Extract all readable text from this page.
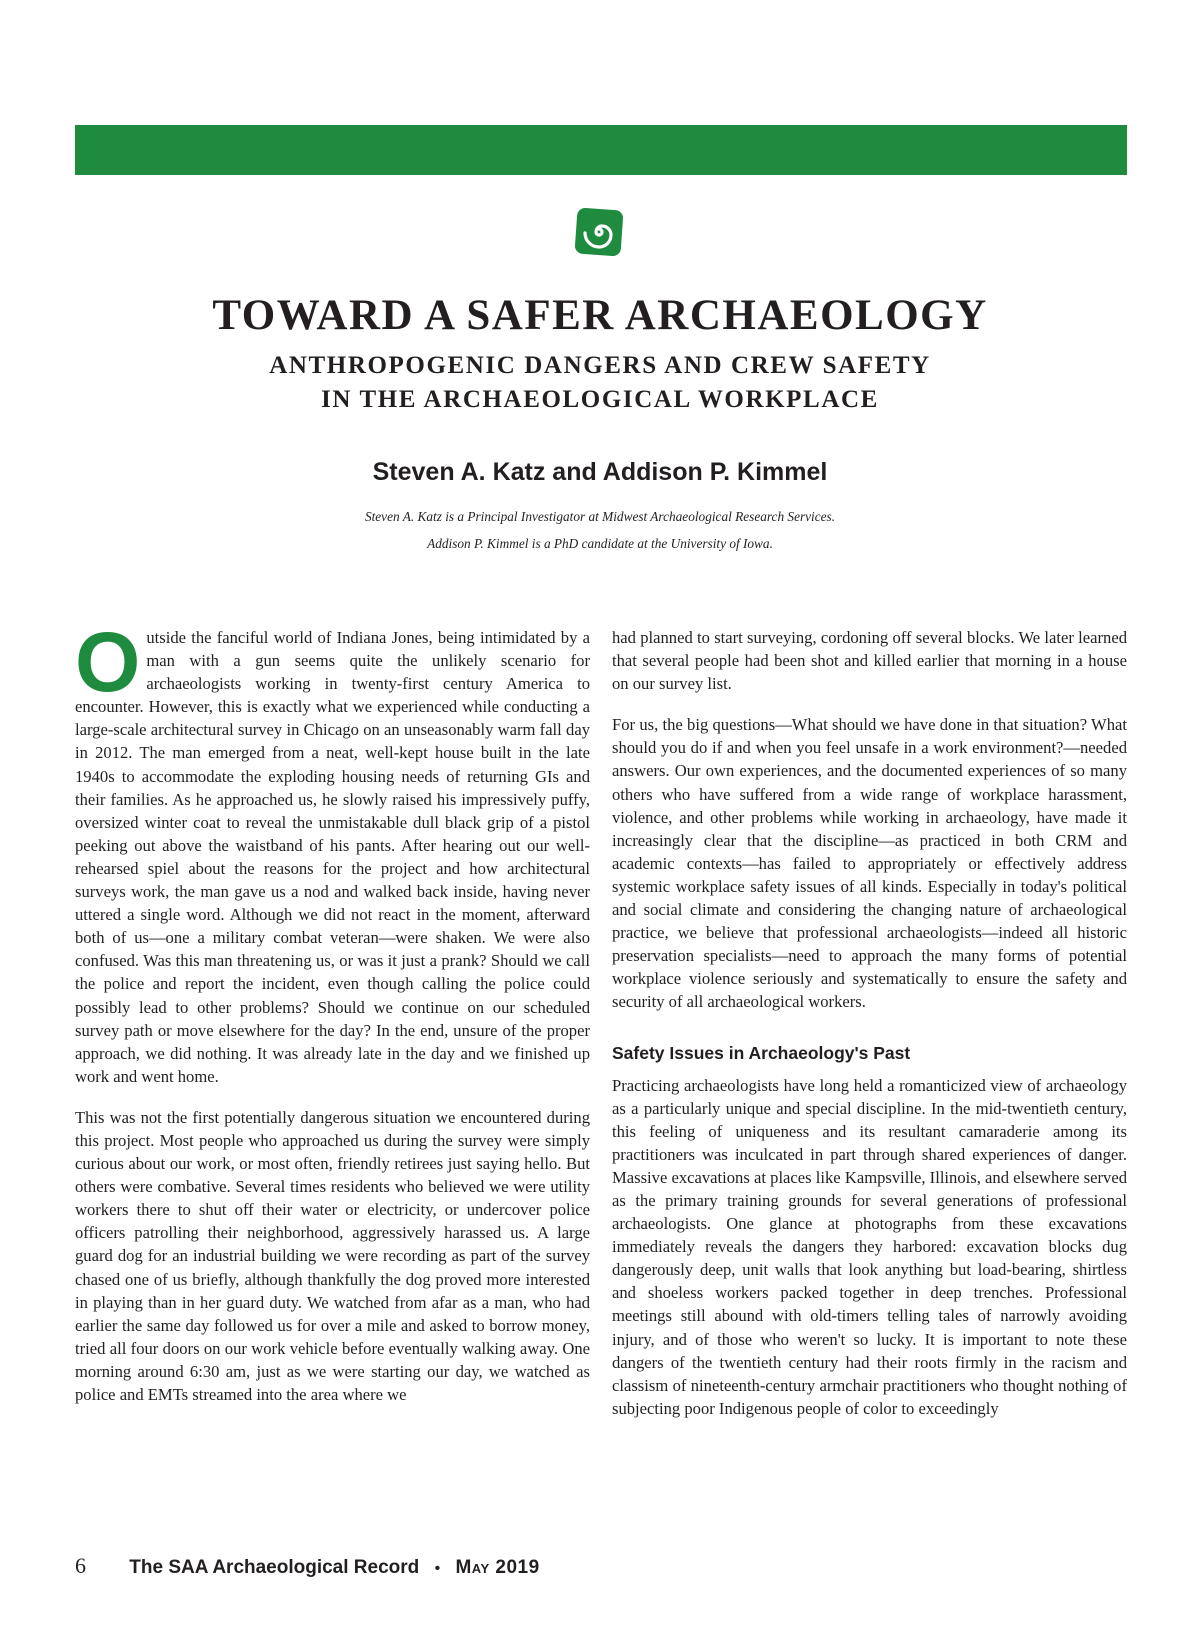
TOWARD A SAFER ARCHAEOLOGY
ANTHROPOGENIC DANGERS AND CREW SAFETY
IN THE ARCHAEOLOGICAL WORKPLACE
Steven A. Katz and Addison P. Kimmel
Steven A. Katz is a Principal Investigator at Midwest Archaeological Research Services.
Addison P. Kimmel is a PhD candidate at the University of Iowa.

Outside the fanciful world of Indiana Jones, being intimidated by a man with a gun seems quite the unlikely scenario for archaeologists working in twenty-first century America to encounter. However, this is exactly what we experienced while conducting a large-scale architectural survey in Chicago on an unseasonably warm fall day in 2012. The man emerged from a neat, well-kept house built in the late 1940s to accommodate the exploding housing needs of returning GIs and their families. As he approached us, he slowly raised his impressively puffy, oversized winter coat to reveal the unmistakable dull black grip of a pistol peeking out above the waistband of his pants. After hearing out our well-rehearsed spiel about the reasons for the project and how architectural surveys work, the man gave us a nod and walked back inside, having never uttered a single word. Although we did not react in the moment, afterward both of us—one a military combat veteran—were shaken. We were also confused. Was this man threatening us, or was it just a prank? Should we call the police and report the incident, even though calling the police could possibly lead to other problems? Should we continue on our scheduled survey path or move elsewhere for the day? In the end, unsure of the proper approach, we did nothing. It was already late in the day and we finished up work and went home.

This was not the first potentially dangerous situation we encountered during this project. Most people who approached us during the survey were simply curious about our work, or most often, friendly retirees just saying hello. But others were combative. Several times residents who believed we were utility workers there to shut off their water or electricity, or undercover police officers patrolling their neighborhood, aggressively harassed us. A large guard dog for an industrial building we were recording as part of the survey chased one of us briefly, although thankfully the dog proved more interested in playing than in her guard duty. We watched from afar as a man, who had earlier the same day followed us for over a mile and asked to borrow money, tried all four doors on our work vehicle before eventually walking away. One morning around 6:30 am, just as we were starting our day, we watched as police and EMTs streamed into the area where we

had planned to start surveying, cordoning off several blocks. We later learned that several people had been shot and killed earlier that morning in a house on our survey list.

For us, the big questions—What should we have done in that situation? What should you do if and when you feel unsafe in a work environment?—needed answers. Our own experiences, and the documented experiences of so many others who have suffered from a wide range of workplace harassment, violence, and other problems while working in archaeology, have made it increasingly clear that the discipline—as practiced in both CRM and academic contexts—has failed to appropriately or effectively address systemic workplace safety issues of all kinds. Especially in today's political and social climate and considering the changing nature of archaeological practice, we believe that professional archaeologists—indeed all historic preservation specialists—need to approach the many forms of potential workplace violence seriously and systematically to ensure the safety and security of all archaeological workers.

Safety Issues in Archaeology's Past

Practicing archaeologists have long held a romanticized view of archaeology as a particularly unique and special discipline. In the mid-twentieth century, this feeling of uniqueness and its resultant camaraderie among its practitioners was inculcated in part through shared experiences of danger. Massive excavations at places like Kampsville, Illinois, and elsewhere served as the primary training grounds for several generations of professional archaeologists. One glance at photographs from these excavations immediately reveals the dangers they harbored: excavation blocks dug dangerously deep, unit walls that look anything but load-bearing, shirtless and shoeless workers packed together in deep trenches. Professional meetings still abound with old-timers telling tales of narrowly avoiding injury, and of those who weren't so lucky. It is important to note these dangers of the twentieth century had their roots firmly in the racism and classism of nineteenth-century armchair practitioners who thought nothing of subjecting poor Indigenous people of color to exceedingly

6 The SAA Archaeological Record • May 2019
